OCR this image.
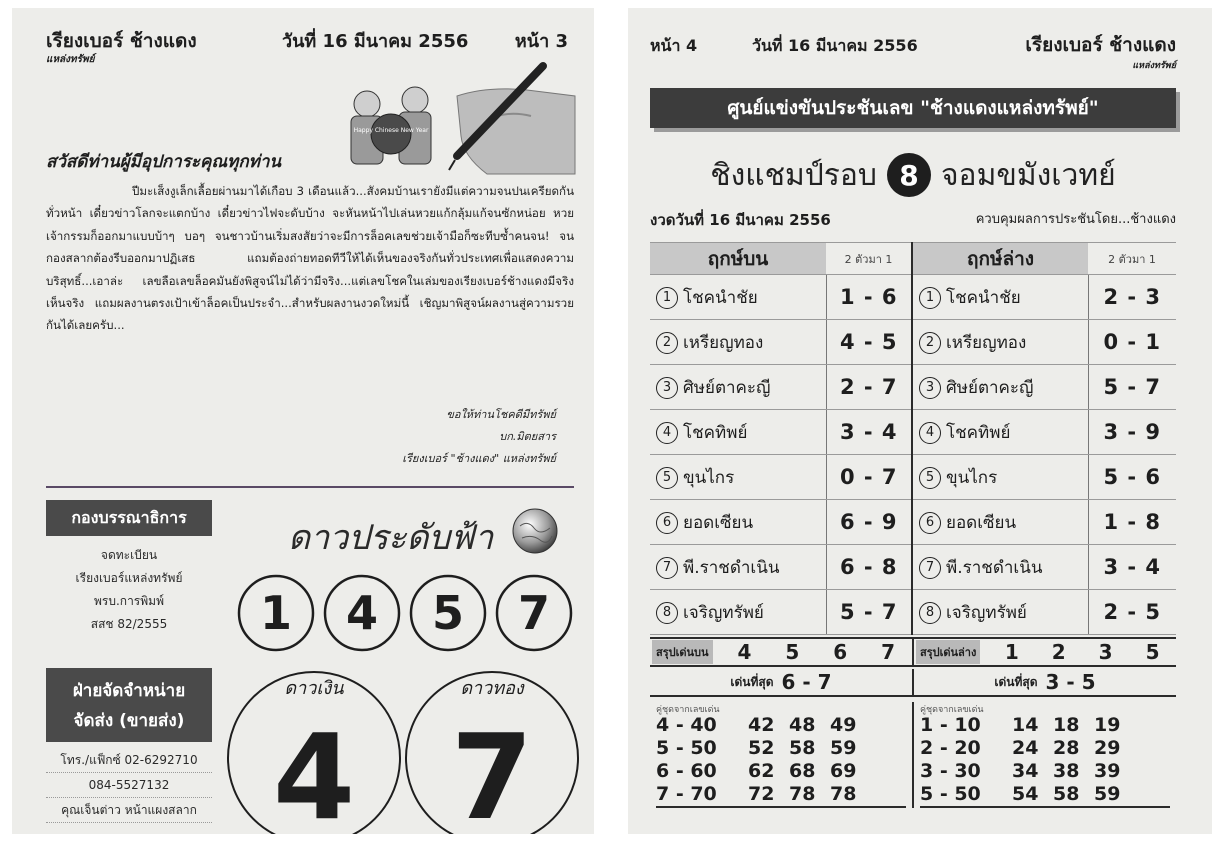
เรียงเบอร์ ช้างแดง
แหล่งทรัพย์
วันที่ 16 มีนาคม 2556	หน้า 3
Happy Chinese New Year
สวัสดีท่านผู้มีอุปการะคุณทุกท่าน
ปีมะเส็งงูเล็กเลื้อยผ่านมาได้เกือบ 3 เดือนแล้ว...สังคมบ้านเรายังมีแต่ความจนปนเครียดกันทั่วหน้า เดี๋ยวข่าวโลกจะแตกบ้าง เดี๋ยวข่าวไฟจะดับบ้าง จะหันหน้าไปเล่นหวยแก้กลุ้มแก้จนซักหน่อย หวยเจ้ากรรมก็ออกมาแบบบ้าๆ บอๆ จนชาวบ้านเริ่มสงสัยว่าจะมีการล็อคเลขช่วยเจ้ามือก็ซะทีบซ้ำคนจน! จนกองสลากต้องรีบออกมาปฏิเสธ แถมต้องถ่ายทอดทีวีให้ได้เห็นของจริงกันทั่วประเทศเพื่อแสดงความบริสุทธิ์...เอาล่ะ เลขลือเลขล็อคมันยังพิสูจน์ไม่ได้ว่ามีจริง...แต่เลขโชคในเล่มของเรียงเบอร์ช้างแดงมีจริง เห็นจริง แถมผลงานตรงเป้าเข้าล็อคเป็นประจำ...สำหรับผลงานงวดใหม่นี้ เชิญมาพิสูจน์ผลงานสู่ความรวยกันได้เลยครับ...
ขอให้ท่านโชคดีมีทรัพย์
บก.มิตยสาร
เรียงเบอร์ "ช้างแดง" แหล่งทรัพย์
กองบรรณาธิการ
จดทะเบียน
เรียงเบอร์แหล่งทรัพย์
พรบ.การพิมพ์
สสช 82/2555
ฝ่ายจัดจำหน่าย
จัดส่ง (ขายส่ง)
โทร./แฟ็กซ์ 02-6292710
084-5527132
คุณเจ็นต่าว หน้าแผงสลาก
ดาวประดับฟ้า
1 4 5 7
ดาวเงิน
4
ดาวทอง
7
หน้า 4	วันที่ 16 มีนาคม 2556	เรียงเบอร์ ช้างแดง
แหล่งทรัพย์
ศูนย์แข่งขันประชันเลข "ช้างแดงแหล่งทรัพย์"
ชิงแชมป์รอบ 8 จอมขมังเวทย์
งวดวันที่ 16 มีนาคม 2556	ควบคุมผลการประชันโดย...ช้างแดง
ฤกษ์บน	2 ตัวมา 1	ฤกษ์ล่าง	2 ตัวมา 1
1 โชคนำชัย	1 - 6	1 โชคนำชัย	2 - 3
2 เหรียญทอง	4 - 5	2 เหรียญทอง	0 - 1
3 ศิษย์ตาคะญี	2 - 7	3 ศิษย์ตาคะญี	5 - 7
4 โชคทิพย์	3 - 4	4 โชคทิพย์	3 - 9
5 ขุนไกร	0 - 7	5 ขุนไกร	5 - 6
6 ยอดเซียน	6 - 9	6 ยอดเซียน	1 - 8
7 พี.ราชดำเนิน	6 - 8	7 พี.ราชดำเนิน	3 - 4
8 เจริญทรัพย์	5 - 7	8 เจริญทรัพย์	2 - 5
สรุปเด่นบน	4	5	6	7	สรุปเด่นล่าง	1	2	3	5
เด่นที่สุด 6 - 7	เด่นที่สุด 3 - 5
คู่ชุดจากเลขเด่น
4 - 40	42 48 49
5 - 50	52 58 59
6 - 60	62 68 69
7 - 70	72 78 78
คู่ชุดจากเลขเด่น
1 - 10	14 18 19
2 - 20	24 28 29
3 - 30	34 38 39
5 - 50	54 58 59
